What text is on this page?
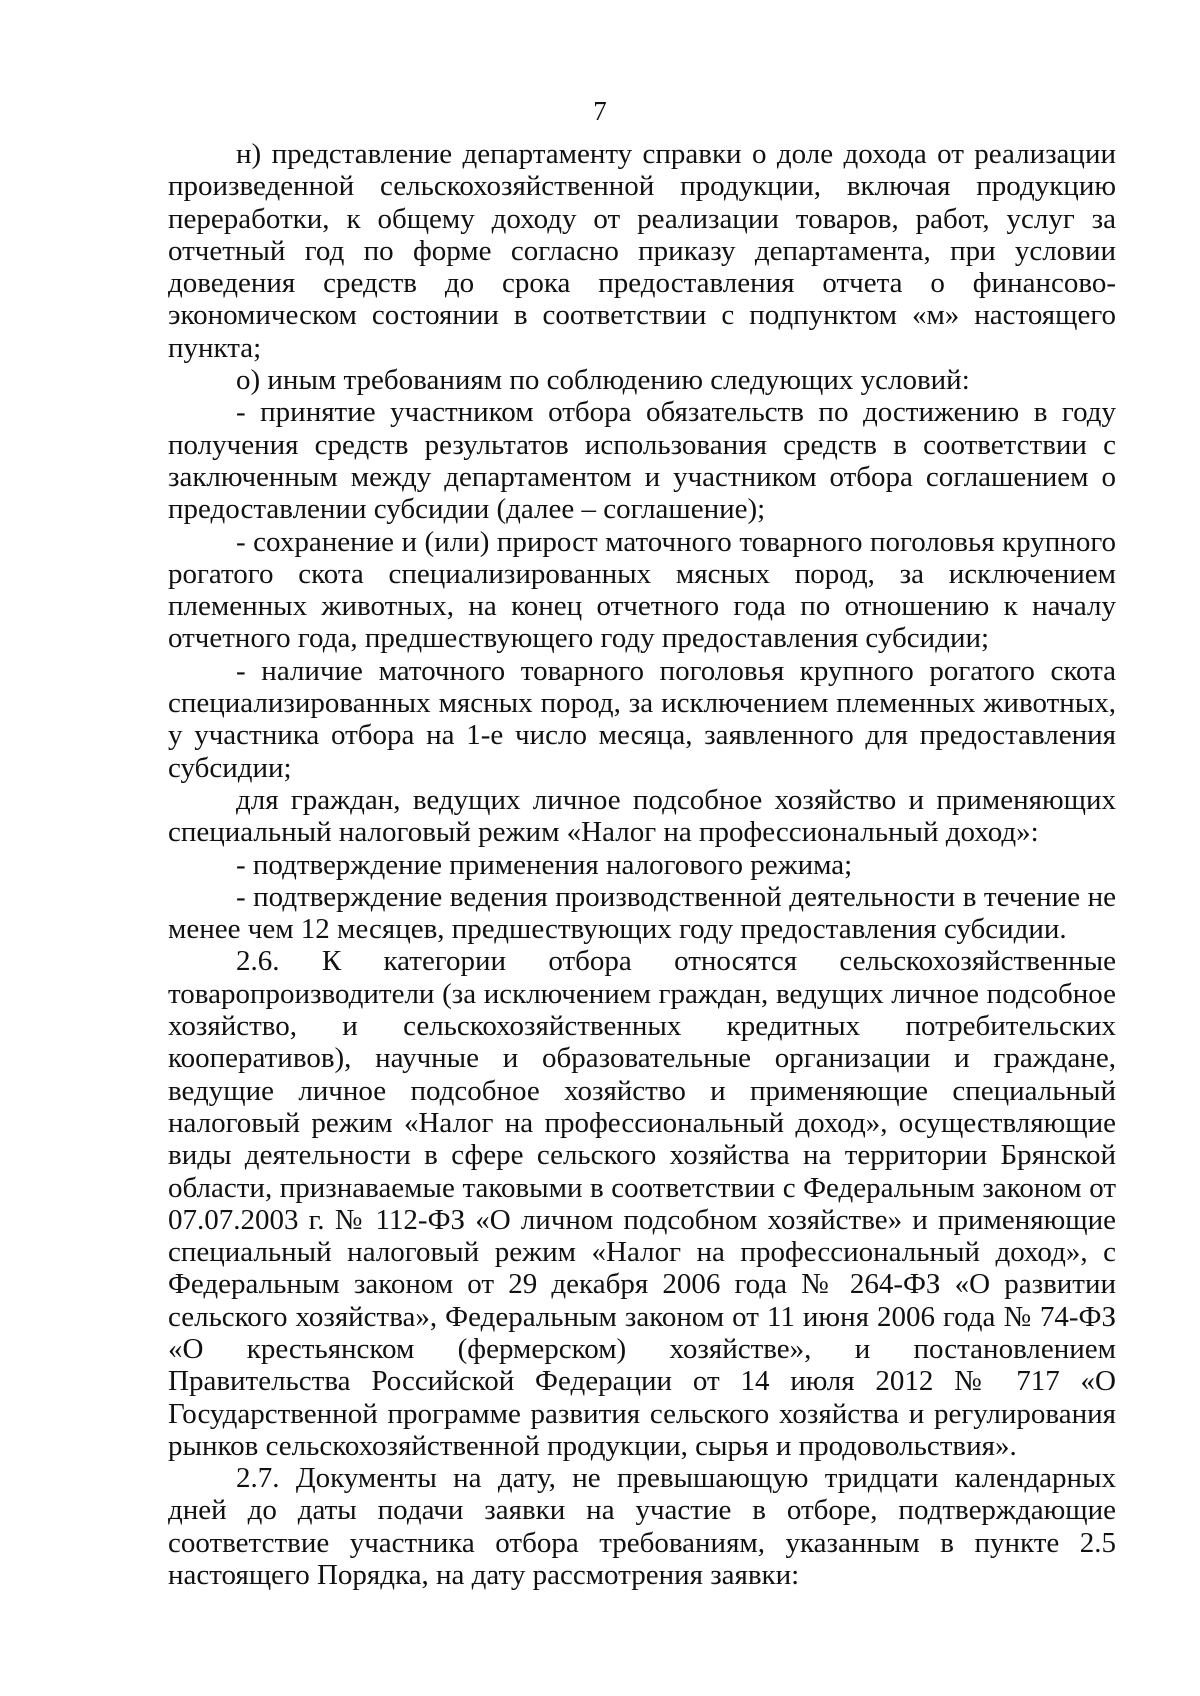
7

н) представление департаменту справки о доле дохода от реализации произведенной сельскохозяйственной продукции, включая продукцию переработки, к общему доходу от реализации товаров, работ, услуг за отчетный год по форме согласно приказу департамента, при условии доведения средств до срока предоставления отчета о финансово-экономическом состоянии в соответствии с подпунктом «м» настоящего пункта;

о) иным требованиям по соблюдению следующих условий:

- принятие участником отбора обязательств по достижению в году получения средств результатов использования средств в соответствии с заключенным между департаментом и участником отбора соглашением о предоставлении субсидии (далее – соглашение);

- сохранение и (или) прирост маточного товарного поголовья крупного рогатого скота специализированных мясных пород, за исключением племенных животных, на конец отчетного года по отношению к началу отчетного года, предшествующего году предоставления субсидии;

- наличие маточного товарного поголовья крупного рогатого скота специализированных мясных пород, за исключением племенных животных, у участника отбора на 1-е число месяца, заявленного для предоставления субсидии;

для граждан, ведущих личное подсобное хозяйство и применяющих специальный налоговый режим «Налог на профессиональный доход»:

- подтверждение применения налогового режима;

- подтверждение ведения производственной деятельности в течение не менее чем 12 месяцев, предшествующих году предоставления субсидии.

2.6. К категории отбора относятся сельскохозяйственные товаропроизводители (за исключением граждан, ведущих личное подсобное хозяйство, и сельскохозяйственных кредитных потребительских кооперативов), научные и образовательные организации и граждане, ведущие личное подсобное хозяйство и применяющие специальный налоговый режим «Налог на профессиональный доход», осуществляющие виды деятельности в сфере сельского хозяйства на территории Брянской области, признаваемые таковыми в соответствии с Федеральным законом от 07.07.2003 г. № 112-ФЗ «О личном подсобном хозяйстве» и применяющие специальный налоговый режим «Налог на профессиональный доход», с Федеральным законом от 29 декабря 2006 года № 264-ФЗ «О развитии сельского хозяйства», Федеральным законом от 11 июня 2006 года № 74-ФЗ «О крестьянском (фермерском) хозяйстве», и постановлением Правительства Российской Федерации от 14 июля 2012 № 717 «О Государственной программе развития сельского хозяйства и регулирования рынков сельскохозяйственной продукции, сырья и продовольствия».

2.7. Документы на дату, не превышающую тридцати календарных дней до даты подачи заявки на участие в отборе, подтверждающие соответствие участника отбора требованиям, указанным в пункте 2.5 настоящего Порядка, на дату рассмотрения заявки:
